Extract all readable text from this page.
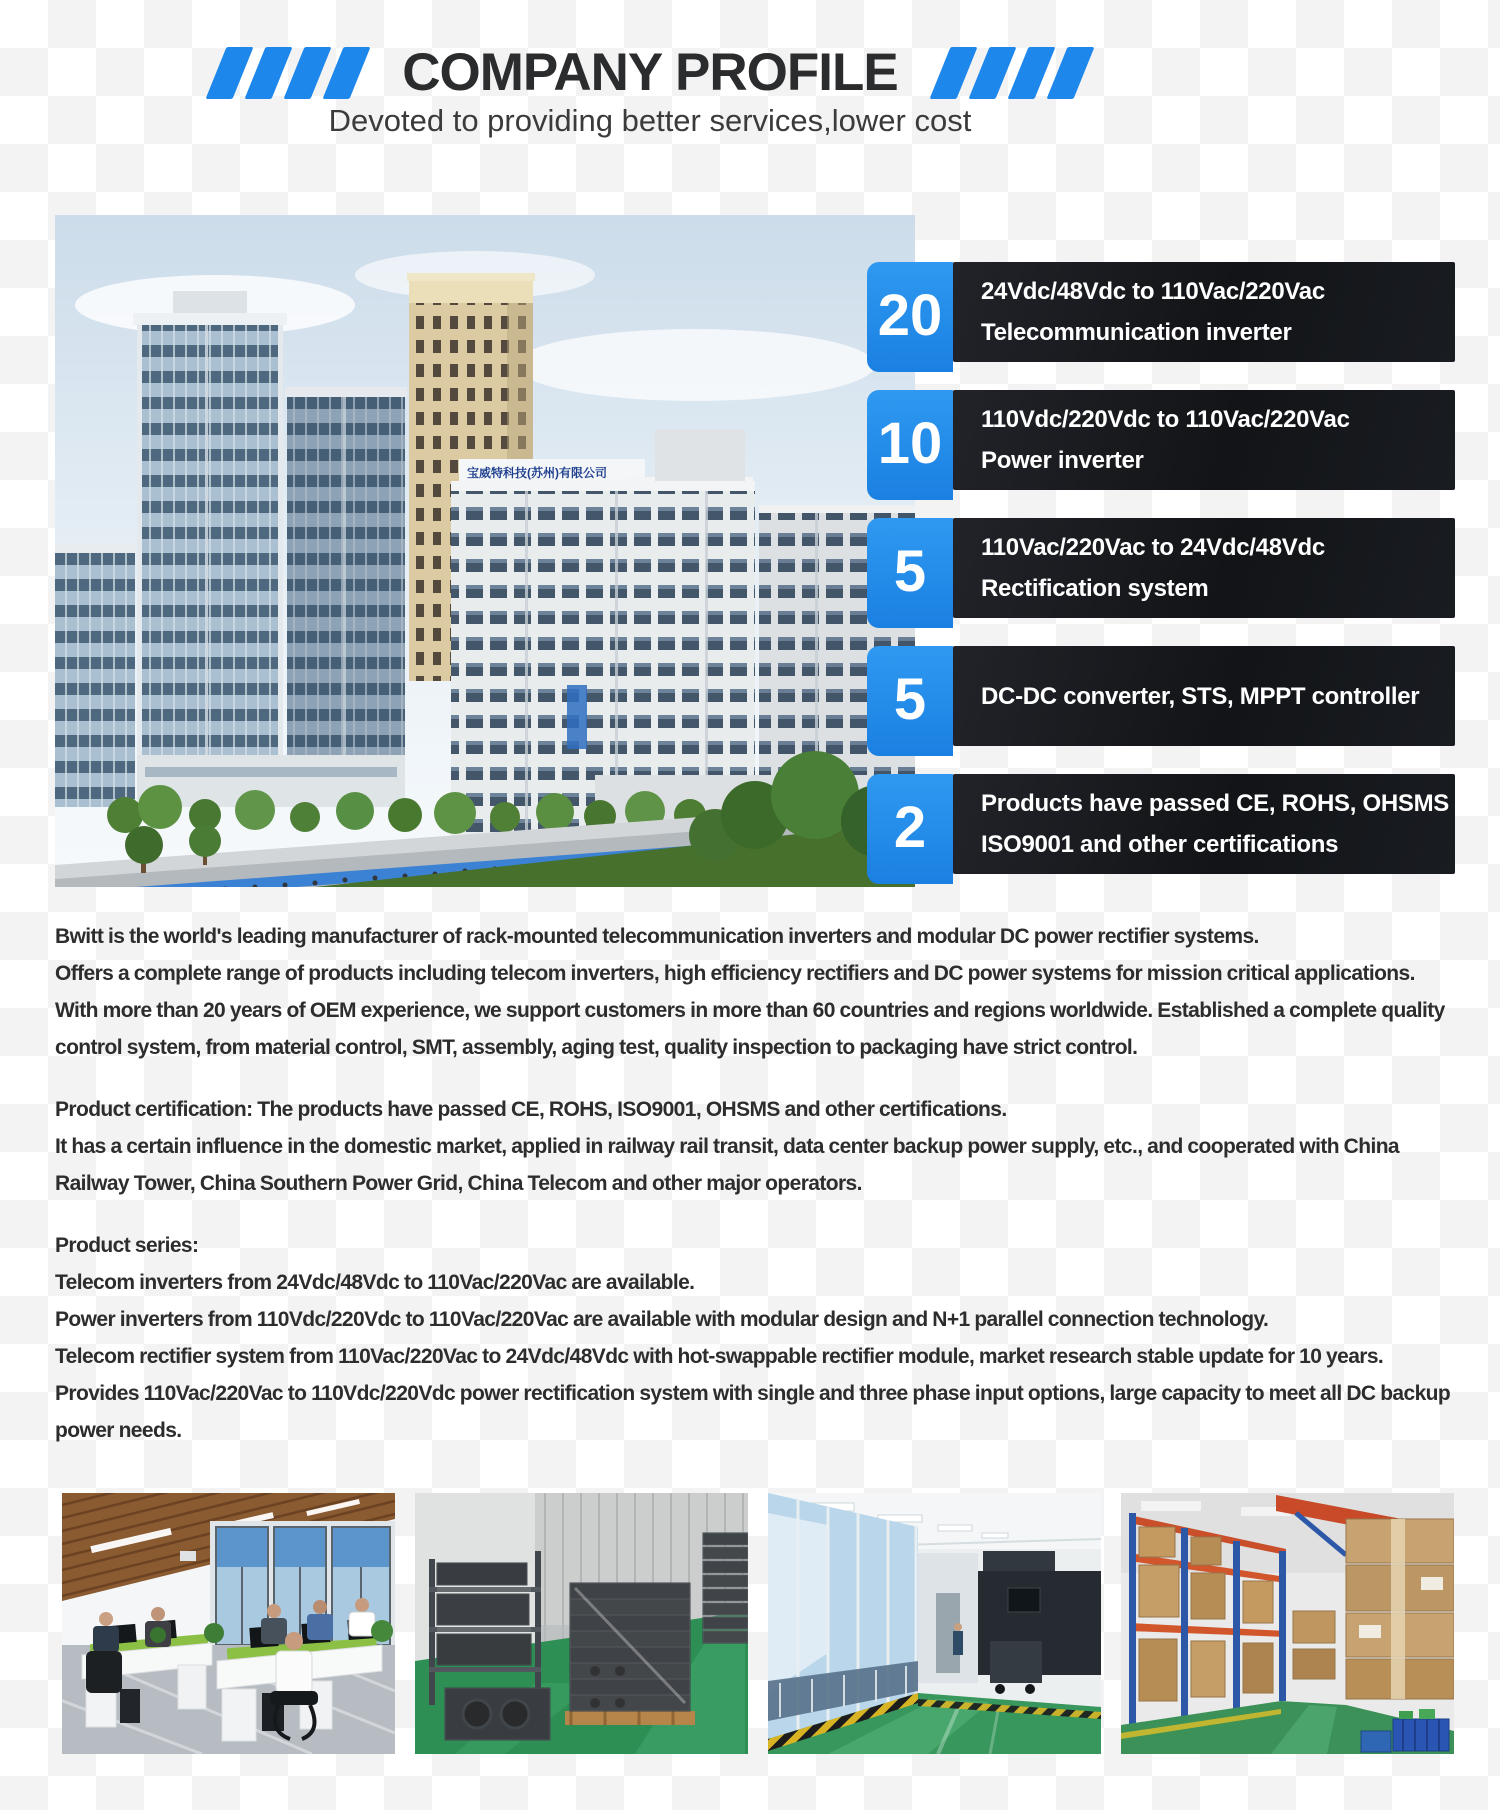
COMPANY PROFILE

Devoted to providing better services,lower cost

宝威特科技(苏州)有限公司
20	24Vdc/48Vdc to 110Vac/220Vac
Telecommunication inverter
10	110Vdc/220Vdc to 110Vac/220Vac
Power inverter
5	110Vac/220Vac to 24Vdc/48Vdc
Rectification system
5	DC-DC converter, STS, MPPT controller
2	Products have passed CE, ROHS, OHSMS
ISO9001 and other certifications

Bwitt is the world's leading manufacturer of rack-mounted telecommunication inverters and modular DC power rectifier systems.

Offers a complete range of products including telecom inverters, high efficiency rectifiers and DC power systems for mission critical applications.

With more than 20 years of OEM experience, we support customers in more than 60 countries and regions worldwide. Established a complete quality control system, from material control, SMT, assembly, aging test, quality inspection to packaging have strict control.

Product certification: The products have passed CE, ROHS, ISO9001, OHSMS and other certifications.

It has a certain influence in the domestic market, applied in railway rail transit, data center backup power supply, etc., and cooperated with China Railway Tower, China Southern Power Grid, China Telecom and other major operators.

Product series:

Telecom inverters from 24Vdc/48Vdc to 110Vac/220Vac are available.

Power inverters from 110Vdc/220Vdc to 110Vac/220Vac are available with modular design and N+1 parallel connection technology.

Telecom rectifier system from 110Vac/220Vac to 24Vdc/48Vdc with hot-swappable rectifier module, market research stable update for 10 years.

Provides 110Vac/220Vac to 110Vdc/220Vdc power rectification system with single and three phase input options, large capacity to meet all DC backup power needs.
